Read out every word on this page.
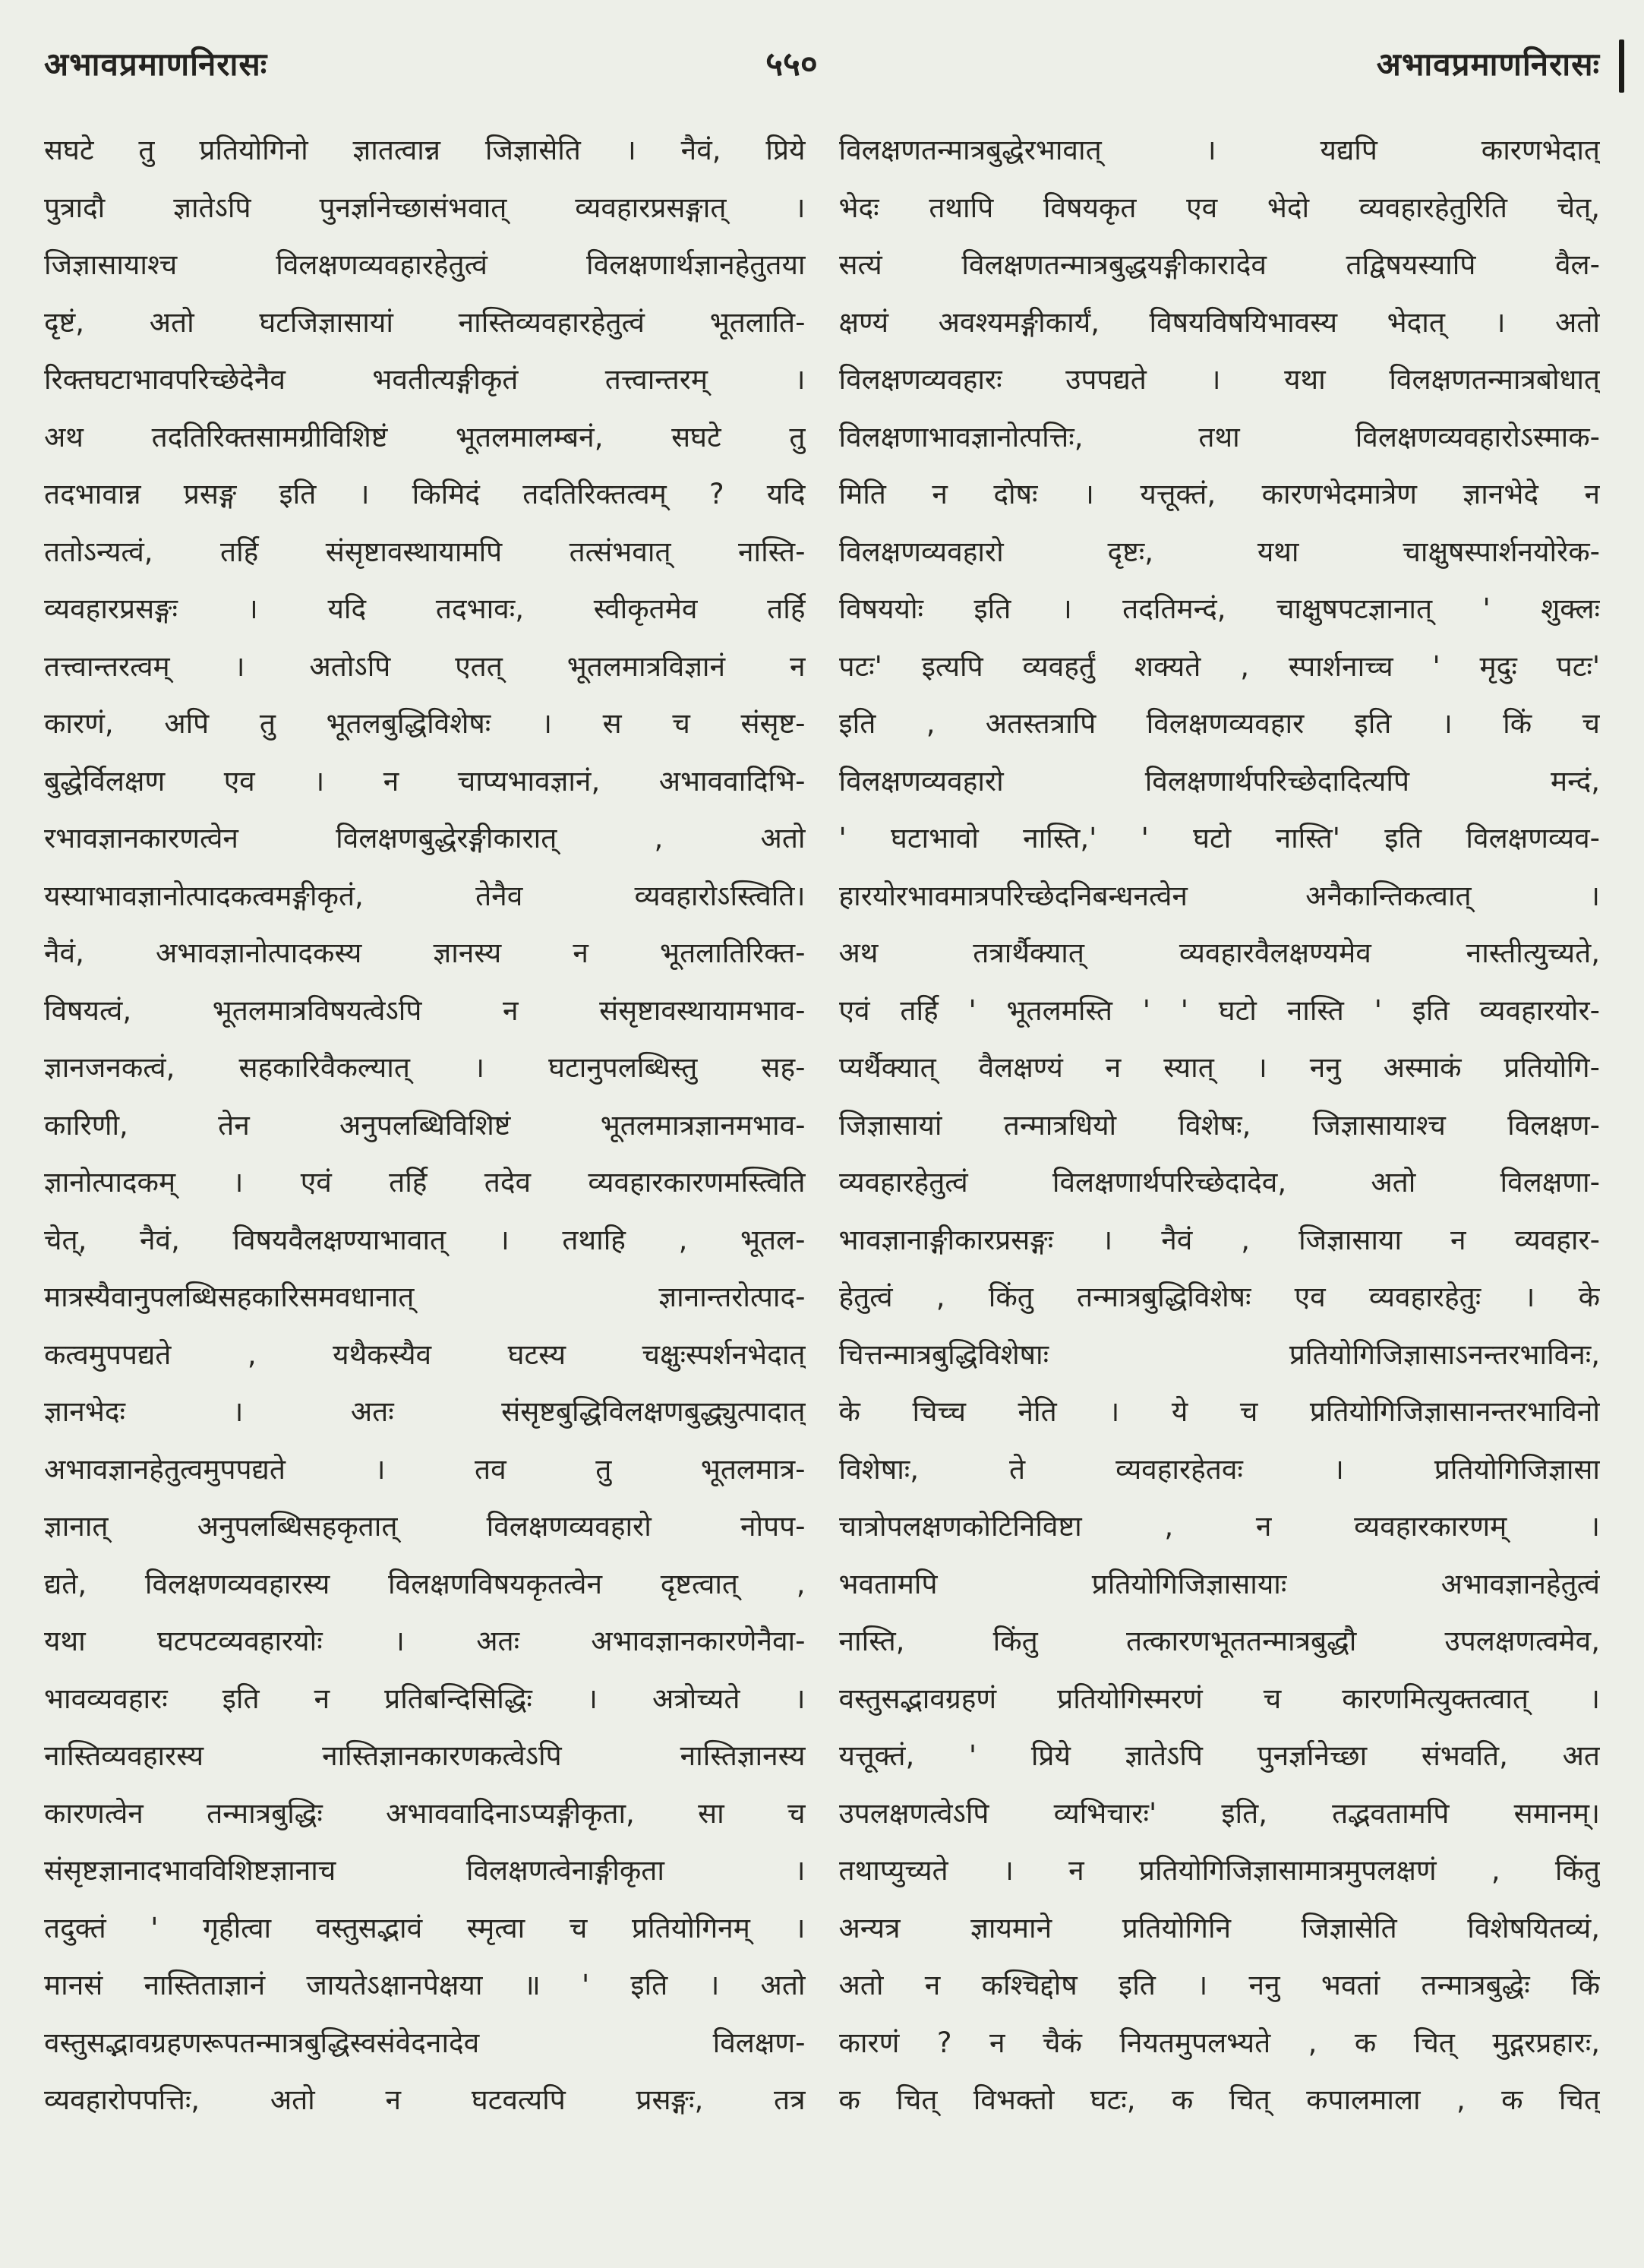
अभावप्रमाणनिरासः	५५०	अभावप्रमाणनिरासः
सघटे तु प्रतियोगिनो ज्ञातत्वान्न जिज्ञासेति । नैवं, प्रिये
पुत्रादौ ज्ञातेऽपि पुनर्ज्ञानेच्छासंभवात् व्यवहारप्रसङ्गात् ।
जिज्ञासायाश्च विलक्षणव्यवहारहेतुत्वं विलक्षणार्थज्ञानहेतुतया
दृष्टं, अतो घटजिज्ञासायां नास्तिव्यवहारहेतुत्वं भूतलाति-
रिक्तघटाभावपरिच्छेदेनैव भवतीत्यङ्गीकृतं तत्त्वान्तरम् ।
अथ तदतिरिक्तसामग्रीविशिष्टं भूतलमालम्बनं, सघटे तु
तदभावान्न प्रसङ्ग इति । किमिदं तदतिरिक्तत्वम् ? यदि
ततोऽन्यत्वं, तर्हि संसृष्टावस्थायामपि तत्संभवात् नास्ति-
व्यवहारप्रसङ्गः । यदि तदभावः, स्वीकृतमेव तर्हि
तत्त्वान्तरत्वम् । अतोऽपि एतत् भूतलमात्रविज्ञानं न
कारणं, अपि तु भूतलबुद्धिविशेषः । स च संसृष्ट-
बुद्धेर्विलक्षण एव । न चाप्यभावज्ञानं, अभाववादिभि-
रभावज्ञानकारणत्वेन विलक्षणबुद्धेरङ्गीकारात् , अतो
यस्याभावज्ञानोत्पादकत्वमङ्गीकृतं, तेनैव व्यवहारोऽस्त्विति।
नैवं, अभावज्ञानोत्पादकस्य ज्ञानस्य न भूतलातिरिक्त-
विषयत्वं, भूतलमात्रविषयत्वेऽपि न संसृष्टावस्थायामभाव-
ज्ञानजनकत्वं, सहकारिवैकल्यात् । घटानुपलब्धिस्तु सह-
कारिणी, तेन अनुपलब्धिविशिष्टं भूतलमात्रज्ञानमभाव-
ज्ञानोत्पादकम् । एवं तर्हि तदेव व्यवहारकारणमस्त्विति
चेत्, नैवं, विषयवैलक्षण्याभावात् । तथाहि , भूतल-
मात्रस्यैवानुपलब्धिसहकारिसमवधानात् ज्ञानान्तरोत्पाद-
कत्वमुपपद्यते , यथैकस्यैव घटस्य चक्षुःस्पर्शनभेदात्
ज्ञानभेदः । अतः संसृष्टबुद्धिविलक्षणबुद्ध्युत्पादात्
अभावज्ञानहेतुत्वमुपपद्यते । तव तु भूतलमात्र-
ज्ञानात् अनुपलब्धिसहकृतात् विलक्षणव्यवहारो नोपप-
द्यते, विलक्षणव्यवहारस्य विलक्षणविषयकृतत्वेन दृष्टत्वात् ,
यथा घटपटव्यवहारयोः । अतः अभावज्ञानकारणेनैवा-
भावव्यवहारः इति न प्रतिबन्दिसिद्धिः । अत्रोच्यते ।
नास्तिव्यवहारस्य नास्तिज्ञानकारणकत्वेऽपि नास्तिज्ञानस्य
कारणत्वेन तन्मात्रबुद्धिः अभाववादिनाऽप्यङ्गीकृता, सा च
संसृष्टज्ञानादभावविशिष्टज्ञानाच विलक्षणत्वेनाङ्गीकृता ।
तदुक्तं ' गृहीत्वा वस्तुसद्भावं स्मृत्वा च प्रतियोगिनम् ।
मानसं नास्तिताज्ञानं जायतेऽक्षानपेक्षया ॥ ' इति । अतो
वस्तुसद्भावग्रहणरूपतन्मात्रबुद्धिस्वसंवेदनादेव विलक्षण-
व्यवहारोपपत्तिः, अतो न घटवत्यपि प्रसङ्गः, तत्र
विलक्षणतन्मात्रबुद्धेरभावात् । यद्यपि कारणभेदात्
भेदः तथापि विषयकृत एव भेदो व्यवहारहेतुरिति चेत्,
सत्यं विलक्षणतन्मात्रबुद्धयङ्गीकारादेव तद्विषयस्यापि वैल-
क्षण्यं अवश्यमङ्गीकार्यं, विषयविषयिभावस्य भेदात् । अतो
विलक्षणव्यवहारः उपपद्यते । यथा विलक्षणतन्मात्रबोधात्
विलक्षणाभावज्ञानोत्पत्तिः, तथा विलक्षणव्यवहारोऽस्माक-
मिति न दोषः । यत्तूक्तं, कारणभेदमात्रेण ज्ञानभेदे न
विलक्षणव्यवहारो दृष्टः, यथा चाक्षुषस्पार्शनयोरेक-
विषययोः इति । तदतिमन्दं, चाक्षुषपटज्ञानात् ' शुक्लः
पटः' इत्यपि व्यवहर्तुं शक्यते , स्पार्शनाच्च ' मृदुः पटः'
इति , अतस्तत्रापि विलक्षणव्यवहार इति । किं च
विलक्षणव्यवहारो विलक्षणार्थपरिच्छेदादित्यपि मन्दं,
' घटाभावो नास्ति,' ' घटो नास्ति' इति विलक्षणव्यव-
हारयोरभावमात्रपरिच्छेदनिबन्धनत्वेन अनैकान्तिकत्वात् ।
अथ तत्रार्थैक्यात् व्यवहारवैलक्षण्यमेव नास्तीत्युच्यते,
एवं तर्हि ' भूतलमस्ति ' ' घटो नास्ति ' इति व्यवहारयोर-
प्यर्थैक्यात् वैलक्षण्यं न स्यात् । ननु अस्माकं प्रतियोगि-
जिज्ञासायां तन्मात्रधियो विशेषः, जिज्ञासायाश्च विलक्षण-
व्यवहारहेतुत्वं विलक्षणार्थपरिच्छेदादेव, अतो विलक्षणा-
भावज्ञानाङ्गीकारप्रसङ्गः । नैवं , जिज्ञासाया न व्यवहार-
हेतुत्वं , किंतु तन्मात्रबुद्धिविशेषः एव व्यवहारहेतुः । के
चित्तन्मात्रबुद्धिविशेषाः प्रतियोगिजिज्ञासाऽनन्तरभाविनः,
के चिच्च नेति । ये च प्रतियोगिजिज्ञासानन्तरभाविनो
विशेषाः, ते व्यवहारहेतवः । प्रतियोगिजिज्ञासा
चात्रोपलक्षणकोटिनिविष्टा , न व्यवहारकारणम् ।
भवतामपि प्रतियोगिजिज्ञासायाः अभावज्ञानहेतुत्वं
नास्ति, किंतु तत्कारणभूततन्मात्रबुद्धौ उपलक्षणत्वमेव,
वस्तुसद्भावग्रहणं प्रतियोगिस्मरणं च कारणमित्युक्तत्वात् ।
यत्तूक्तं, ' प्रिये ज्ञातेऽपि पुनर्ज्ञानेच्छा संभवति, अत
उपलक्षणत्वेऽपि व्यभिचारः' इति, तद्भवतामपि समानम्।
तथाप्युच्यते । न प्रतियोगिजिज्ञासामात्रमुपलक्षणं , किंतु
अन्यत्र ज्ञायमाने प्रतियोगिनि जिज्ञासेति विशेषयितव्यं,
अतो न कश्चिद्दोष इति । ननु भवतां तन्मात्रबुद्धेः किं
कारणं ? न चैकं नियतमुपलभ्यते , क चित् मुद्गरप्रहारः,
क चित् विभक्तो घटः, क चित् कपालमाला , क चित्
